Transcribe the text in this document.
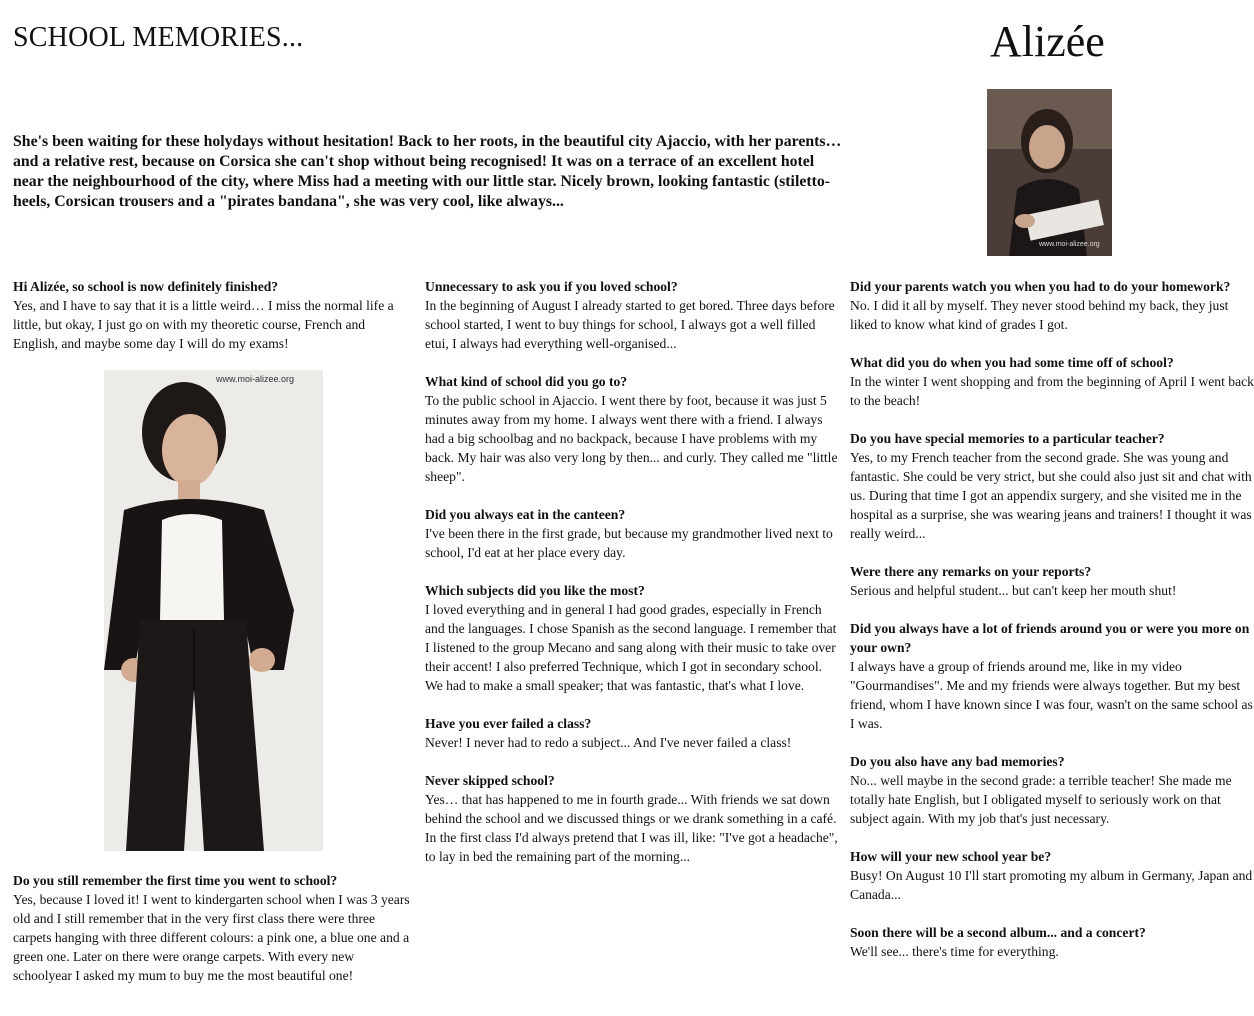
SCHOOL MEMORIES...	Alizée
www.moi-alizee.org

She's been waiting for these holydays without hesitation! Back to her roots, in the beautiful city Ajaccio, with her parents… and a relative rest, because on Corsica she can't shop without being recognised! It was on a terrace of an excellent hotel near the neighbourhood of the city, where Miss had a meeting with our little star. Nicely brown, looking fantastic (stiletto-heels, Corsican trousers and a "pirates bandana", she was very cool, like always...

Hi Alizée, so school is now definitely finished?
Yes, and I have to say that it is a little weird… I miss the normal life a little, but okay, I just go on with my theoretic course, French and English, and maybe some day I will do my exams!
www.moi-alizee.org
Do you still remember the first time you went to school?
Yes, because I loved it! I went to kindergarten school when I was 3 years old and I still remember that in the very first class there were three carpets hanging with three different colours: a pink one, a blue one and a green one. Later on there were orange carpets. With every new schoolyear I asked my mum to buy me the most beautiful one!
Unnecessary to ask you if you loved school?
In the beginning of August I already started to get bored. Three days before school started, I went to buy things for school, I always got a well filled etui, I always had everything well-organised...
What kind of school did you go to?
To the public school in Ajaccio. I went there by foot, because it was just 5 minutes away from my home. I always went there with a friend. I always had a big schoolbag and no backpack, because I have problems with my back. My hair was also very long by then... and curly. They called me "little sheep".
Did you always eat in the canteen?
I've been there in the first grade, but because my grandmother lived next to school, I'd eat at her place every day.
Which subjects did you like the most?
I loved everything and in general I had good grades, especially in French and the languages. I chose Spanish as the second language. I remember that I listened to the group Mecano and sang along with their music to take over their accent! I also preferred Technique, which I got in secondary school. We had to make a small speaker; that was fantastic, that's what I love.
Have you ever failed a class?
Never! I never had to redo a subject... And I've never failed a class!
Never skipped school?
Yes… that has happened to me in fourth grade... With friends we sat down behind the school and we discussed things or we drank something in a café. In the first class I'd always pretend that I was ill, like: "I've got a headache", to lay in bed the remaining part of the morning...
Did your parents watch you when you had to do your homework?
No. I did it all by myself. They never stood behind my back, they just liked to know what kind of grades I got.
What did you do when you had some time off of school?
In the winter I went shopping and from the beginning of April I went back to the beach!
Do you have special memories to a particular teacher?
Yes, to my French teacher from the second grade. She was young and fantastic. She could be very strict, but she could also just sit and chat with us. During that time I got an appendix surgery, and she visited me in the hospital as a surprise, she was wearing jeans and trainers! I thought it was really weird...
Were there any remarks on your reports?
Serious and helpful student... but can't keep her mouth shut!
Did you always have a lot of friends around you or were you more on your own?
I always have a group of friends around me, like in my video "Gourmandises". Me and my friends were always together. But my best friend, whom I have known since I was four, wasn't on the same school as I was.
Do you also have any bad memories?
No... well maybe in the second grade: a terrible teacher! She made me totally hate English, but I obligated myself to seriously work on that subject again. With my job that's just necessary.
How will your new school year be?
Busy! On August 10 I'll start promoting my album in Germany, Japan and Canada...
Soon there will be a second album... and a concert?
We'll see... there's time for everything.
